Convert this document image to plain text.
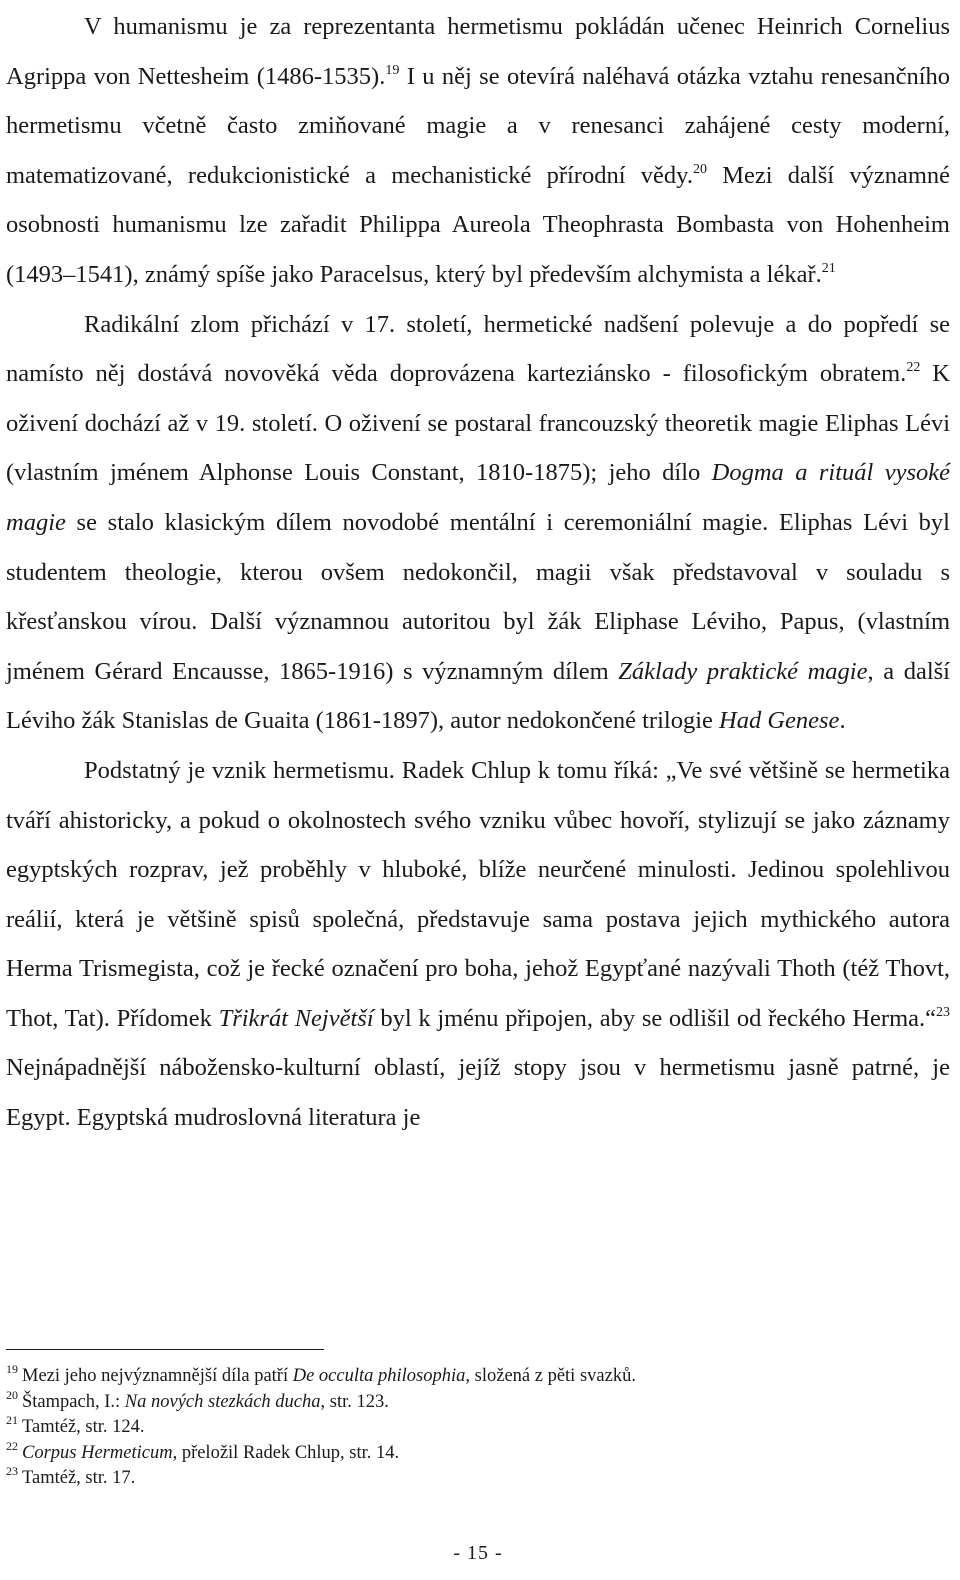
V humanismu je za reprezentanta hermetismu pokládán učenec Heinrich Cornelius Agrippa von Nettesheim (1486-1535).$^{19}$ I u něj se otevírá naléhavá otázka vztahu renesančního hermetismu včetně často zmiňované magie a v renesanci zahájené cesty moderní, matematizované, redukcionistické a mechanistické přírodní vědy.$^{20}$ Mezi další významné osobnosti humanismu lze zařadit Philippa Aureola Theophrasta Bombasta von Hohenheim (1493–1541), známý spíše jako Paracelsus, který byl především alchymista a lékař.$^{21}$

Radikální zlom přichází v 17. století, hermetické nadšení polevuje a do popředí se namísto něj dostává novověká věda doprovázena karteziánsko - filosofickým obratem.$^{22}$ K oživení dochází až v 19. století. O oživení se postaral francouzský theoretik magie Eliphas Lévi (vlastním jménem Alphonse Louis Constant, 1810-1875); jeho dílo Dogma a rituál vysoké magie se stalo klasickým dílem novodobé mentální i ceremoniální magie. Eliphas Lévi byl studentem theologie, kterou ovšem nedokončil, magii však představoval v souladu s křesťanskou vírou. Další významnou autoritou byl žák Eliphase Léviho, Papus, (vlastním jménem Gérard Encausse, 1865-1916) s významným dílem Základy praktické magie, a další Léviho žák Stanislas de Guaita (1861-1897), autor nedokončené trilogie Had Genese.

Podstatný je vznik hermetismu. Radek Chlup k tomu říká: „Ve své většině se hermetika tváří ahistoricky, a pokud o okolnostech svého vzniku vůbec hovoří, stylizují se jako záznamy egyptských rozprav, jež proběhly v hluboké, blíže neurčené minulosti. Jedinou spolehlivou reálií, která je většině spisů společná, představuje sama postava jejich mythického autora Herma Trismegista, což je řecké označení pro boha, jehož Egypťané nazývali Thoth (též Thovt, Thot, Tat). Přídomek Třikrát Největší byl k jménu připojen, aby se odlišil od řeckého Herma.“$^{23}$ Nejnápadnější nábožensko-kulturní oblastí, jejíž stopy jsou v hermetismu jasně patrné, je Egypt. Egyptská mudroslovná literatura je

$^{19}$ Mezi jeho nejvýznamnější díla patří De occulta philosophia, složená z pěti svazků.

$^{20}$ Štampach, I.: Na nových stezkách ducha, str. 123.

$^{21}$ Tamtéž, str. 124.

$^{22}$ Corpus Hermeticum, přeložil Radek Chlup, str. 14.

$^{23}$ Tamtéž, str. 17.

- 15 -
